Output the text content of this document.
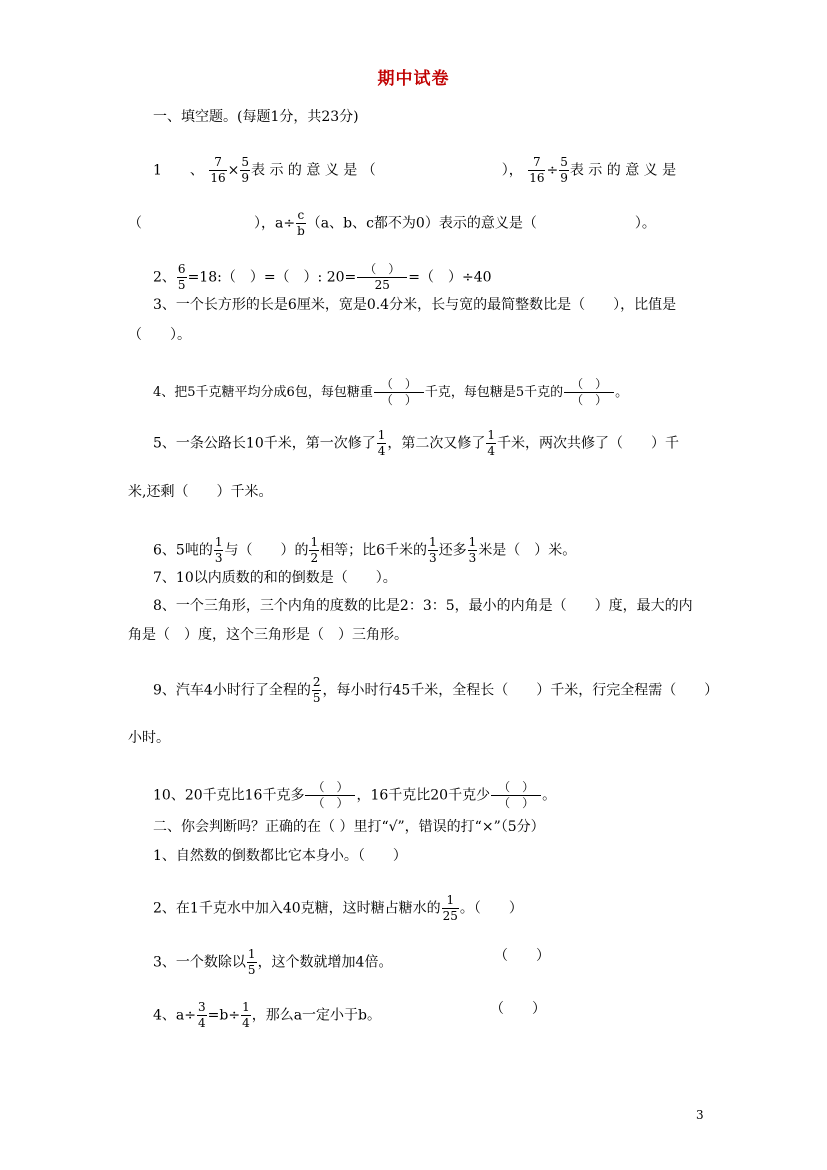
期中试卷
一、填空题。(每题1分，共23分)
1　　、 $\frac{7}{16} \times \frac{5}{9}$ 表 示 的 意 义 是 （　　　　　　　　　）， $\frac{7}{16} \div \frac{5}{9}$ 表 示 的 意 义 是
（　　　　　　　　），$a\div \frac{c}{b} (a$、b、c都不为0）表示的意义是（　　　　　　　）。
2、 $\frac{6}{5}$ =18:（　）=（　）: $20= \frac{( )}{25}$ =（　）÷40
3、一个长方形的长是6厘米，宽是0.4分米，长与宽的最简整数比是（　　），比值是
（　　）。
4、把5千克糖平均分成6包，每包糖重 $\frac{( )}{( )}$ 千克，每包糖是5千克的 $\frac{( )}{( )}$ 。
5、一条公路长10千米，第一次修了 $\frac{1}{4}$ ，第二次又修了 $\frac{1}{4}$ 千米，两次共修了（　　）千
米,还剩（　　）千米。
6、5吨的 $\frac{1}{3}$ 与（　　）的 $\frac{1}{2}$ 相等；比6千米的 $\frac{1}{3}$ 还多 $\frac{1}{3}$ 米是（　）米。
7、10以内质数的和的倒数是（　　）。
8、一个三角形，三个内角的度数的比是2：3：5，最小的内角是（　　）度，最大的内
角是（　）度，这个三角形是（　）三角形。
9、汽车4小时行了全程的 $\frac{2}{5}$ ，每小时行45千米，全程长（　　）千米，行完全程需（　　）
小时。
10、20千克比16千克多 $\frac{( )}{( )}$ ，16千克比20千克少 $\frac{( )}{( )}$ 。
二、你会判断吗？正确的在（ ）里打“√”，错误的打“×”（5分）
1、自然数的倒数都比它本身小。（　　）
2、在1千克水中加入40克糖，这时糖占糖水的 $\frac{1}{25}$ 。（　　）
3、一个数除以 $\frac{1}{5}$ ，这个数就增加4倍。	（　　）
4、$a\div \frac{3}{4} =b\div \frac{1}{4}$ ，那么a一定小于b。	（　　）
3
